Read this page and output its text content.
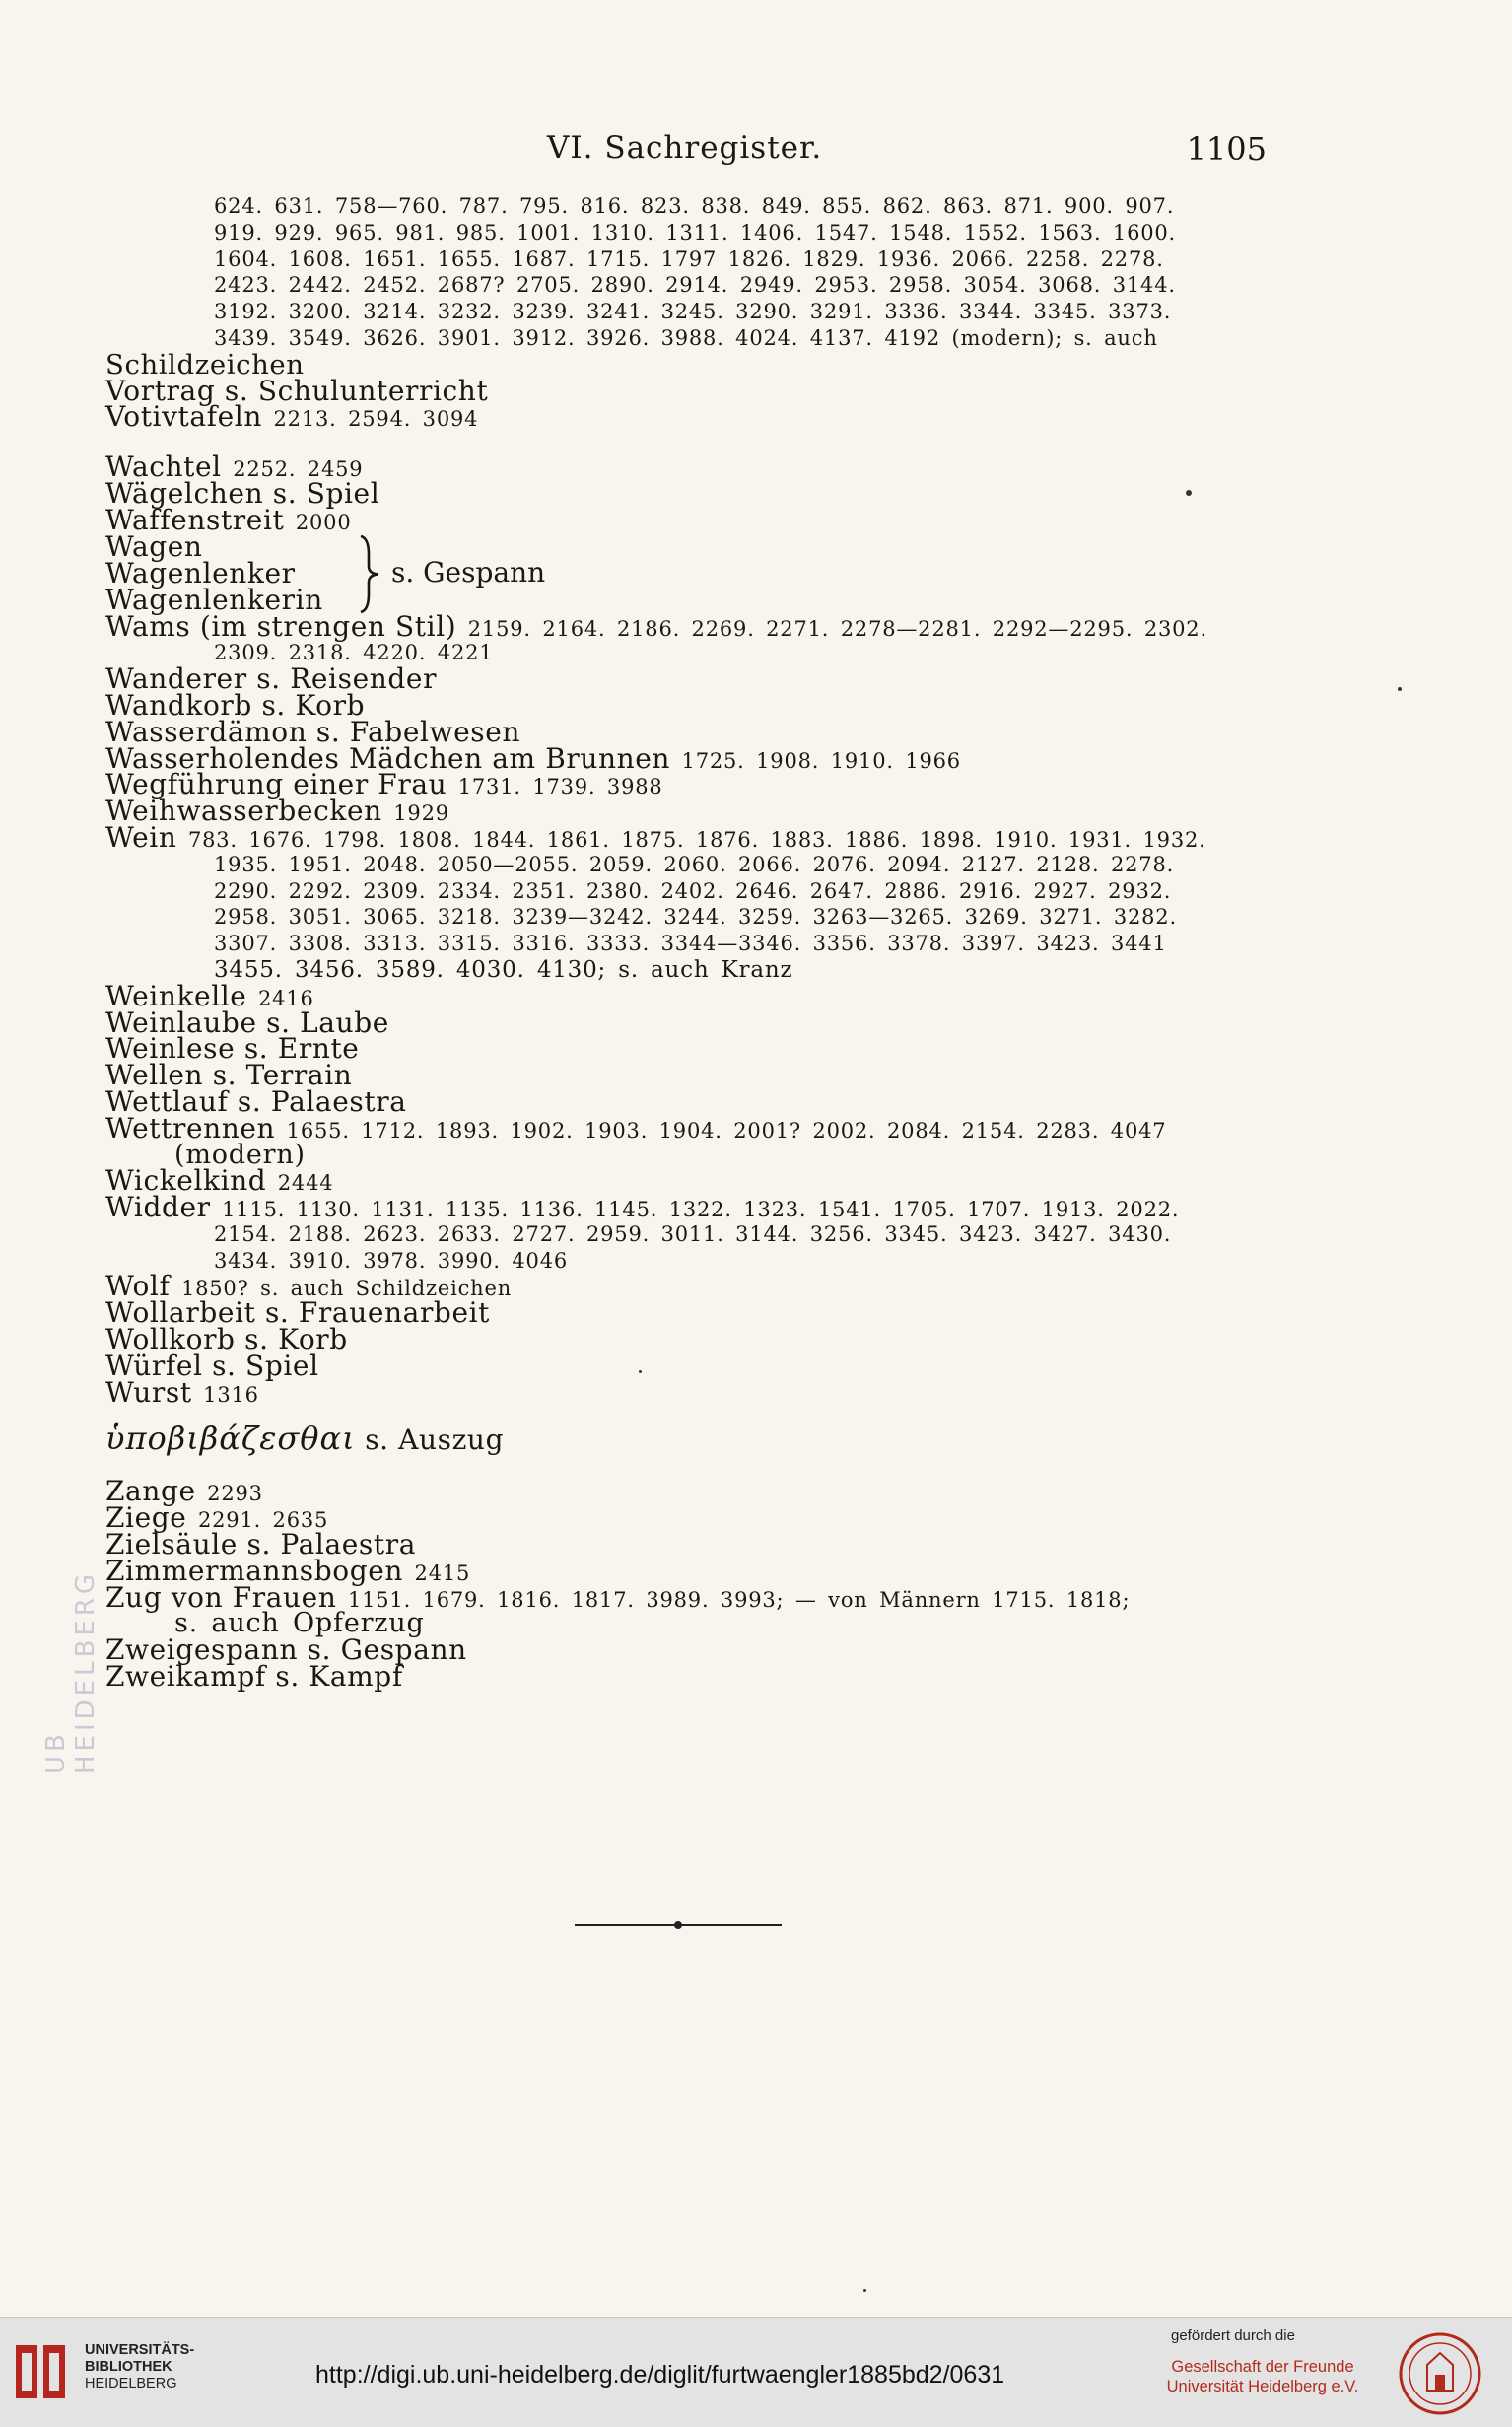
VI. Sachregister.	1105
624. 631. 758—760. 787. 795. 816. 823. 838. 849. 855. 862. 863. 871. 900. 907.
919. 929. 965. 981. 985. 1001. 1310. 1311. 1406. 1547. 1548. 1552. 1563. 1600.
1604. 1608. 1651. 1655. 1687. 1715. 1797 1826. 1829. 1936. 2066. 2258. 2278.
2423. 2442. 2452. 2687? 2705. 2890. 2914. 2949. 2953. 2958. 3054. 3068. 3144.
3192. 3200. 3214. 3232. 3239. 3241. 3245. 3290. 3291. 3336. 3344. 3345. 3373.
3439. 3549. 3626. 3901. 3912. 3926. 3988. 4024. 4137. 4192 (modern); s. auch
Schildzeichen
Vortrag s. Schulunterricht
Votivtafeln 2213. 2594. 3094
Wachtel 2252. 2459
Wägelchen s. Spiel
Waffenstreit 2000
Wagen
Wagenlenker
Wagenlenkerin
s. Gespann
Wams (im strengen Stil) 2159. 2164. 2186. 2269. 2271. 2278—2281. 2292—2295. 2302.
2309. 2318. 4220. 4221
Wanderer s. Reisender
Wandkorb s. Korb
Wasserdämon s. Fabelwesen
Wasserholendes Mädchen am Brunnen 1725. 1908. 1910. 1966
Wegführung einer Frau 1731. 1739. 3988
Weihwasserbecken 1929
Wein 783. 1676. 1798. 1808. 1844. 1861. 1875. 1876. 1883. 1886. 1898. 1910. 1931. 1932.
1935. 1951. 2048. 2050—2055. 2059. 2060. 2066. 2076. 2094. 2127. 2128. 2278.
2290. 2292. 2309. 2334. 2351. 2380. 2402. 2646. 2647. 2886. 2916. 2927. 2932.
2958. 3051. 3065. 3218. 3239—3242. 3244. 3259. 3263—3265. 3269. 3271. 3282.
3307. 3308. 3313. 3315. 3316. 3333. 3344—3346. 3356. 3378. 3397. 3423. 3441
3455. 3456. 3589. 4030. 4130; s. auch Kranz
Weinkelle 2416
Weinlaube s. Laube
Weinlese s. Ernte
Wellen s. Terrain
Wettlauf s. Palaestra
Wettrennen 1655. 1712. 1893. 1902. 1903. 1904. 2001? 2002. 2084. 2154. 2283. 4047
(modern)
Wickelkind 2444
Widder 1115. 1130. 1131. 1135. 1136. 1145. 1322. 1323. 1541. 1705. 1707. 1913. 2022.
2154. 2188. 2623. 2633. 2727. 2959. 3011. 3144. 3256. 3345. 3423. 3427. 3430.
3434. 3910. 3978. 3990. 4046
Wolf 1850? s. auch Schildzeichen
Wollarbeit s. Frauenarbeit
Wollkorb s. Korb
Würfel s. Spiel
Wurst 1316
ὑποβιβάζεσθαι s. Auszug
Zange 2293
Ziege 2291. 2635
Zielsäule s. Palaestra
Zimmermannsbogen 2415
Zug von Frauen 1151. 1679. 1816. 1817. 3989. 3993; — von Männern 1715. 1818;
s. auch Opferzug
Zweigespann s. Gespann
Zweikampf s. Kampf
UB HEIDELBERG
UNIVERSITÄTS-
BIBLIOTHEK
HEIDELBERG	http://digi.ub.uni-heidelberg.de/diglit/furtwaengler1885bd2/0631
gefördert durch die
Gesellschaft der Freunde
Universität Heidelberg e.V.
